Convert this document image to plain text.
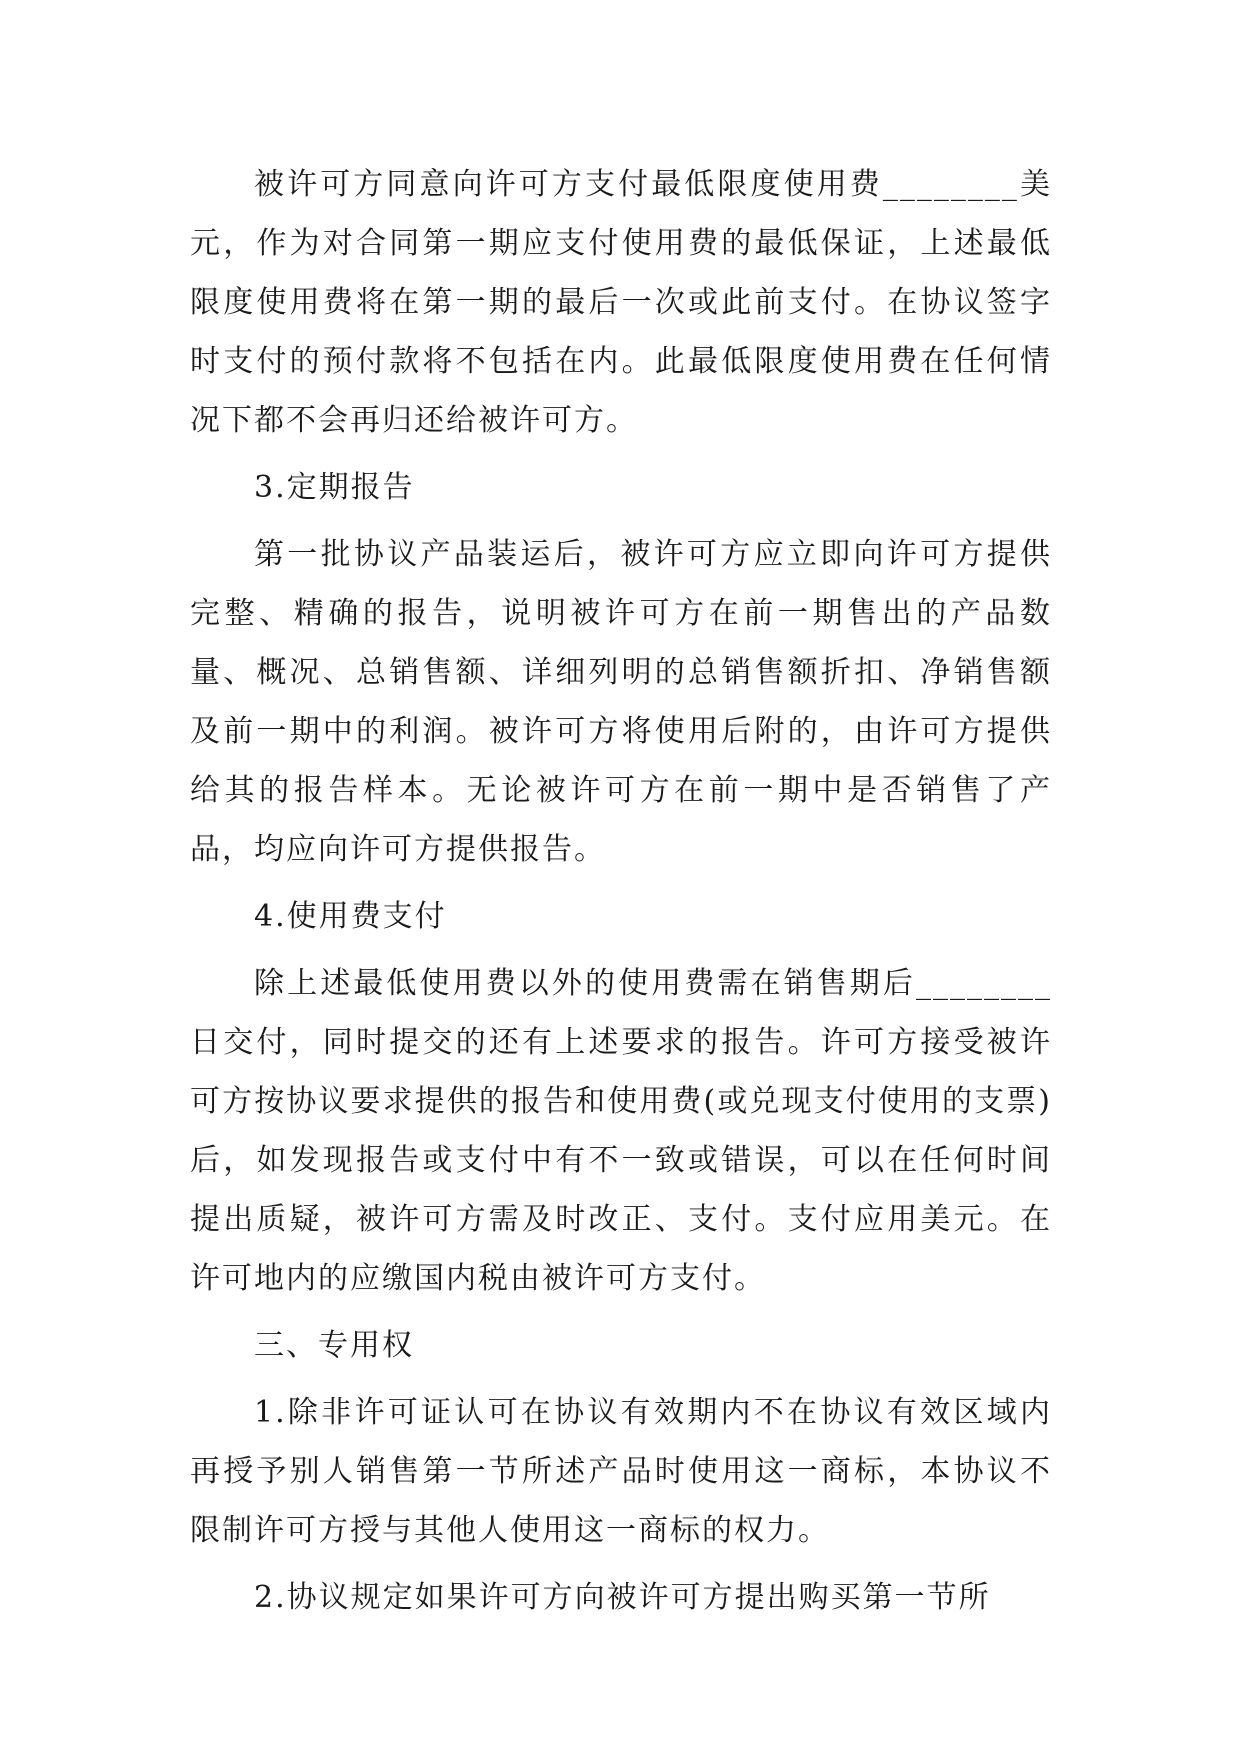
被许可方同意向许可方支付最低限度使用费________美元，作为对合同第一期应支付使用费的最低保证，上述最低限度使用费将在第一期的最后一次或此前支付。在协议签字时支付的预付款将不包括在内。此最低限度使用费在任何情况下都不会再归还给被许可方。

3.定期报告

第一批协议产品装运后，被许可方应立即向许可方提供完整、精确的报告，说明被许可方在前一期售出的产品数量、概况、总销售额、详细列明的总销售额折扣、净销售额及前一期中的利润。被许可方将使用后附的，由许可方提供给其的报告样本。无论被许可方在前一期中是否销售了产品，均应向许可方提供报告。

4.使用费支付

除上述最低使用费以外的使用费需在销售期后________日交付，同时提交的还有上述要求的报告。许可方接受被许可方按协议要求提供的报告和使用费(或兑现支付使用的支票)后，如发现报告或支付中有不一致或错误，可以在任何时间提出质疑，被许可方需及时改正、支付。支付应用美元。在许可地内的应缴国内税由被许可方支付。

三、专用权

1.除非许可证认可在协议有效期内不在协议有效区域内再授予别人销售第一节所述产品时使用这一商标，本协议不限制许可方授与其他人使用这一商标的权力。

2.协议规定如果许可方向被许可方提出购买第一节所
